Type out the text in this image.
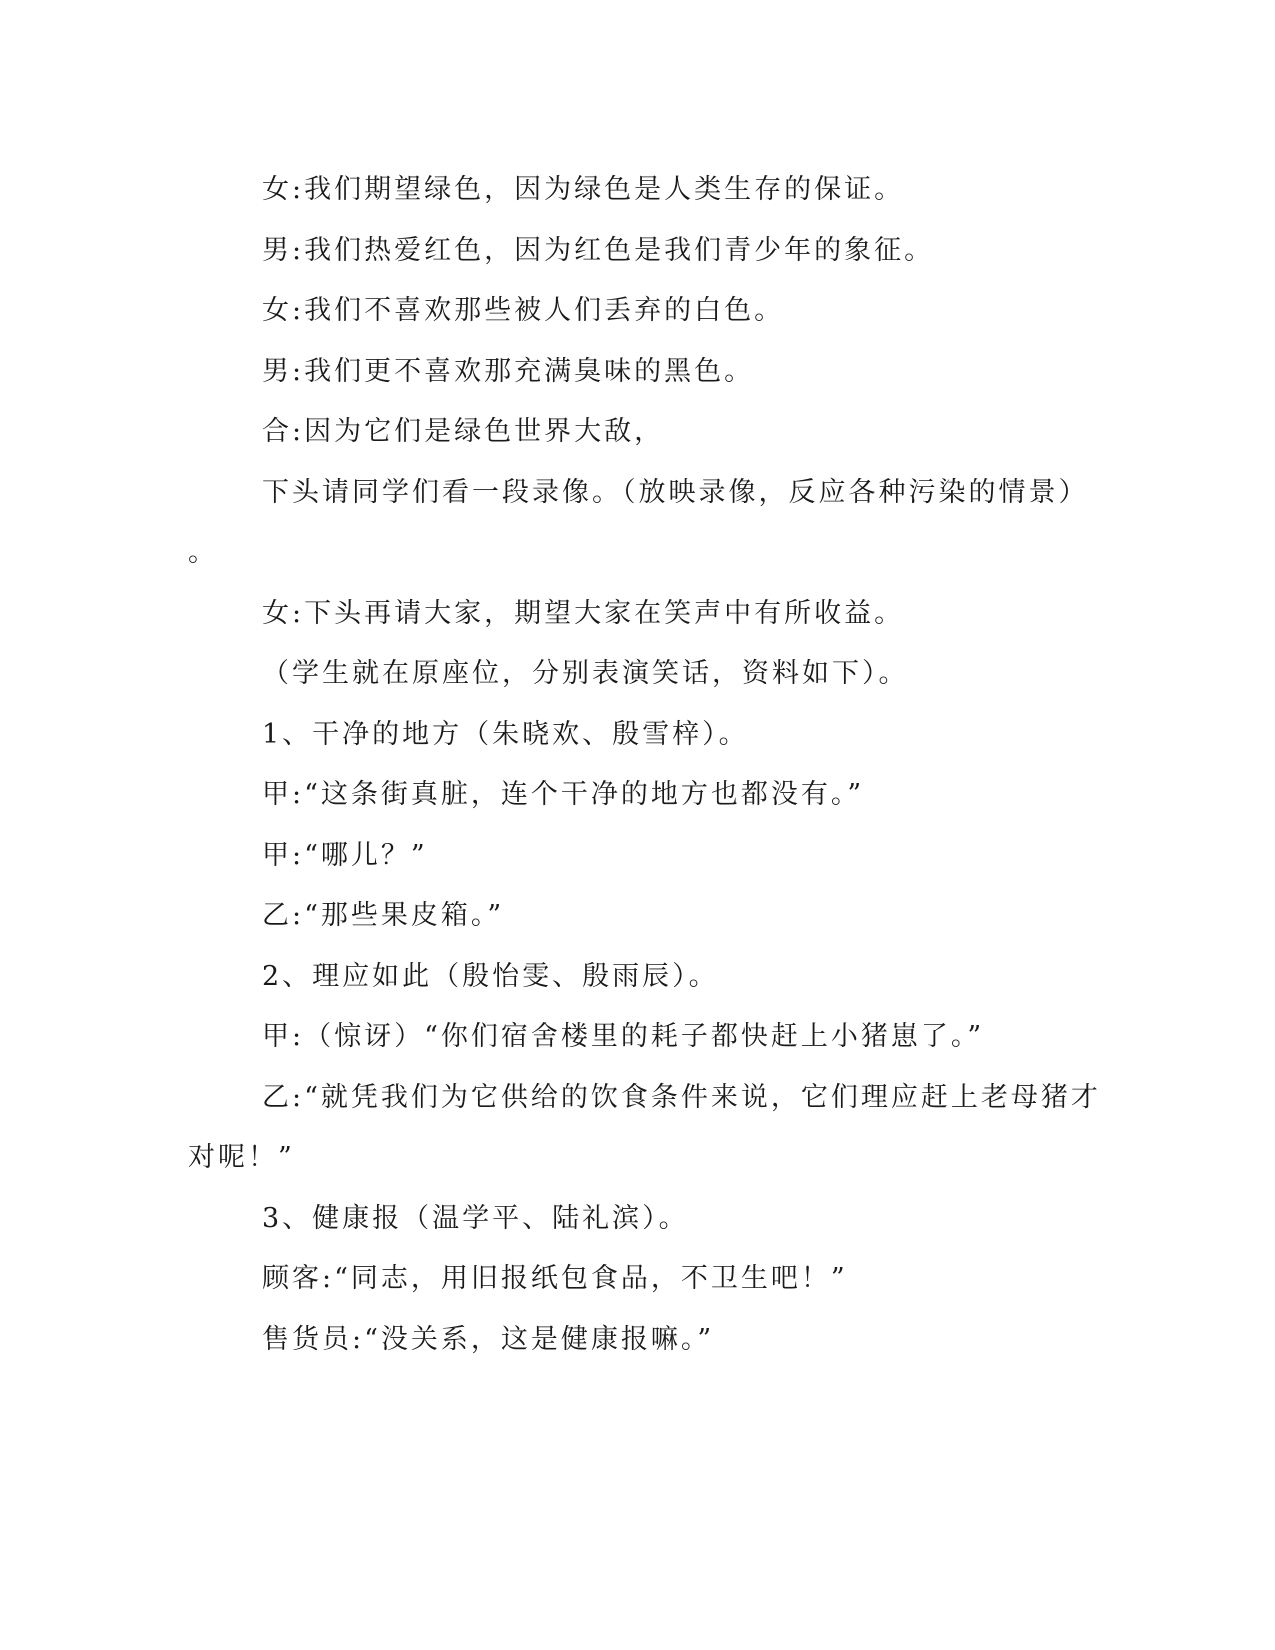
女:我们期望绿色，因为绿色是人类生存的保证。
男:我们热爱红色，因为红色是我们青少年的象征。
女:我们不喜欢那些被人们丢弃的白色。
男:我们更不喜欢那充满臭味的黑色。
合:因为它们是绿色世界大敌，
下头请同学们看一段录像。（放映录像，反应各种污染的情景）
。
女:下头再请大家，期望大家在笑声中有所收益。
（学生就在原座位，分别表演笑话，资料如下）。
1、干净的地方（朱晓欢、殷雪梓）。
甲:“这条街真脏，连个干净的地方也都没有。”
甲:“哪儿？”
乙:“那些果皮箱。”
2、理应如此（殷怡雯、殷雨辰）。
甲:（惊讶）“你们宿舍楼里的耗子都快赶上小猪崽了。”
乙:“就凭我们为它供给的饮食条件来说，它们理应赶上老母猪才
对呢！”
3、健康报（温学平、陆礼滨）。
顾客:“同志，用旧报纸包食品，不卫生吧！”
售货员:“没关系，这是健康报嘛。”
